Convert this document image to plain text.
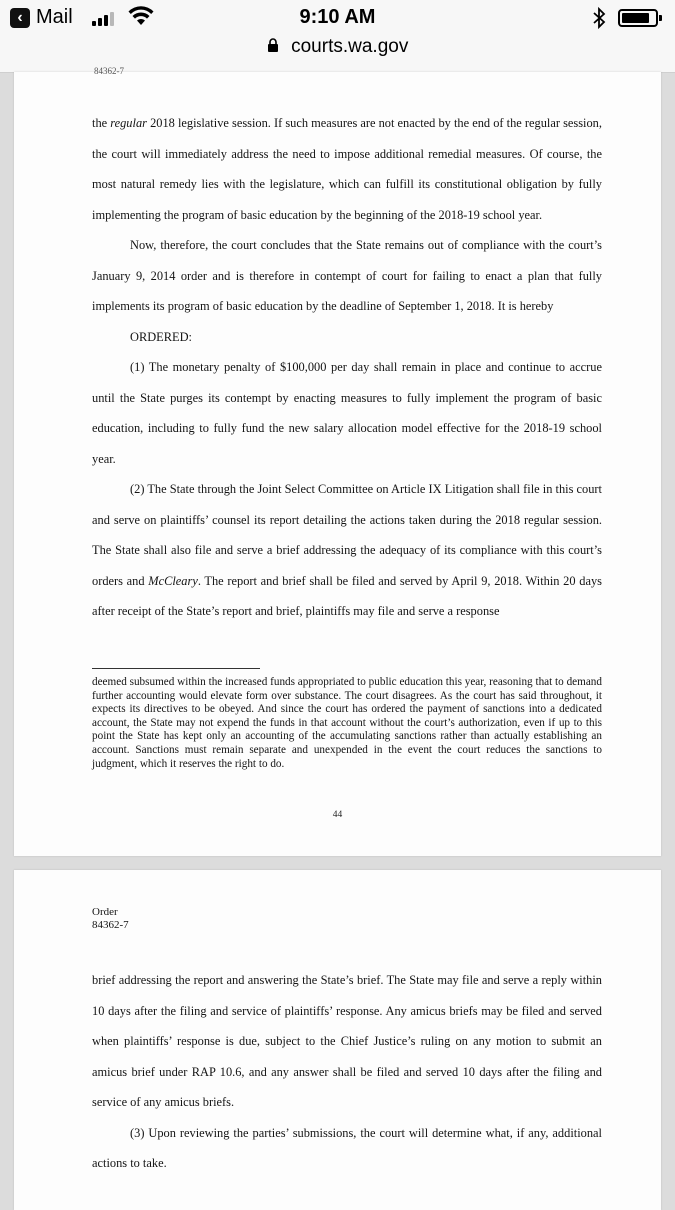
‹ Mail	9:10 AM
courts.wa.gov
84362-7

the regular 2018 legislative session. If such measures are not enacted by the end of the regular session, the court will immediately address the need to impose additional remedial measures. Of course, the most natural remedy lies with the legislature, which can fulfill its constitutional obligation by fully implementing the program of basic education by the beginning of the 2018-19 school year.

Now, therefore, the court concludes that the State remains out of compliance with the court’s January 9, 2014 order and is therefore in contempt of court for failing to enact a plan that fully implements its program of basic education by the deadline of September 1, 2018. It is hereby

ORDERED:

(1) The monetary penalty of $100,000 per day shall remain in place and continue to accrue until the State purges its contempt by enacting measures to fully implement the program of basic education, including to fully fund the new salary allocation model effective for the 2018-19 school year.

(2) The State through the Joint Select Committee on Article IX Litigation shall file in this court and serve on plaintiffs’ counsel its report detailing the actions taken during the 2018 regular session. The State shall also file and serve a brief addressing the adequacy of its compliance with this court’s orders and McCleary. The report and brief shall be filed and served by April 9, 2018. Within 20 days after receipt of the State’s report and brief, plaintiffs may file and serve a response

deemed subsumed within the increased funds appropriated to public education this year, reasoning that to demand further accounting would elevate form over substance. The court disagrees. As the court has said throughout, it expects its directives to be obeyed. And since the court has ordered the payment of sanctions into a dedicated account, the State may not expend the funds in that account without the court’s authorization, even if up to this point the State has kept only an accounting of the accumulating sanctions rather than actually establishing an account. Sanctions must remain separate and unexpended in the event the court reduces the sanctions to judgment, which it reserves the right to do.
44
Order
84362-7

brief addressing the report and answering the State’s brief. The State may file and serve a reply within 10 days after the filing and service of plaintiffs’ response. Any amicus briefs may be filed and served when plaintiffs’ response is due, subject to the Chief Justice’s ruling on any motion to submit an amicus brief under RAP 10.6, and any answer shall be filed and served 10 days after the filing and service of any amicus briefs.

(3) Upon reviewing the parties’ submissions, the court will determine what, if any, additional actions to take.
